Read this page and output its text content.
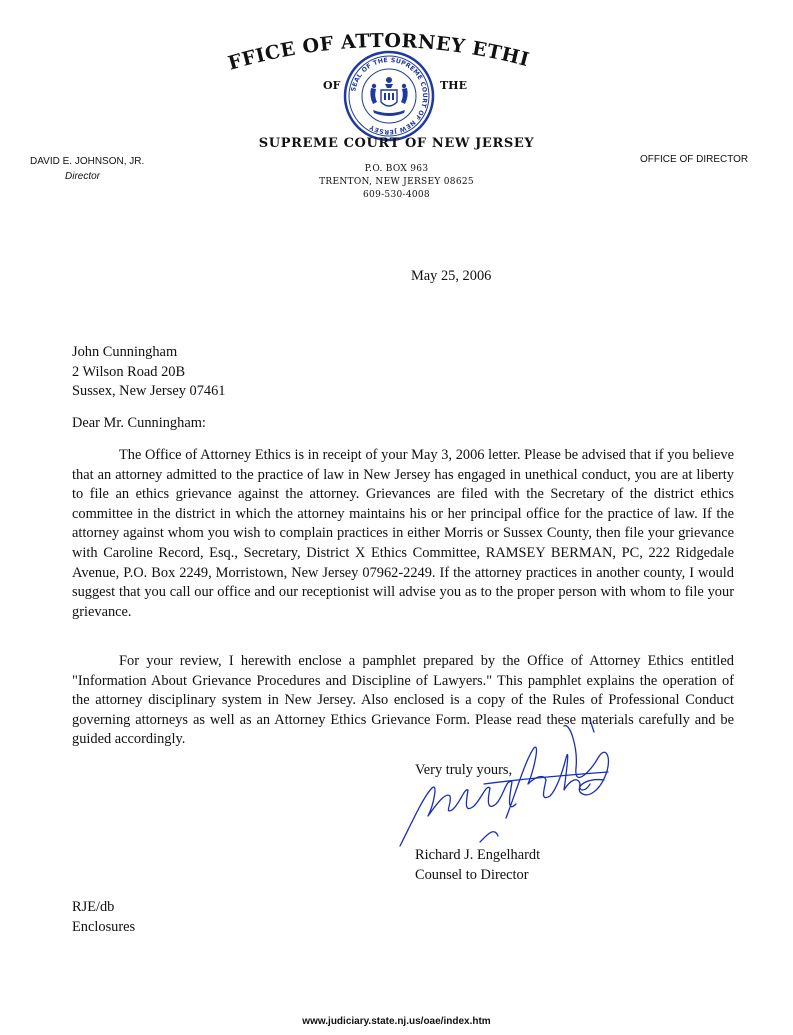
OFFICE OF ATTORNEY ETHICS
OF	THE
SEAL OF THE SUPREME COURT OF NEW JERSEY
SUPREME COURT OF NEW JERSEY
P.O. BOX 963
TRENTON, NEW JERSEY 08625
609-530-4008
DAVID E. JOHNSON, JR.
Director
OFFICE OF DIRECTOR
May 25, 2006
John Cunningham
2 Wilson Road 20B
Sussex, New Jersey 07461
Dear Mr. Cunningham:

The Office of Attorney Ethics is in receipt of your May 3, 2006 letter. Please be advised that if you believe that an attorney admitted to the practice of law in New Jersey has engaged in unethical conduct, you are at liberty to file an ethics grievance against the attorney. Grievances are filed with the Secretary of the district ethics committee in the district in which the attorney maintains his or her principal office for the practice of law. If the attorney against whom you wish to complain practices in either Morris or Sussex County, then file your grievance with Caroline Record, Esq., Secretary, District X Ethics Committee, RAMSEY BERMAN, PC, 222 Ridgedale Avenue, P.O. Box 2249, Morristown, New Jersey 07962-2249. If the attorney practices in another county, I would suggest that you call our office and our receptionist will advise you as to the proper person with whom to file your grievance.

For your review, I herewith enclose a pamphlet prepared by the Office of Attorney Ethics entitled "Information About Grievance Procedures and Discipline of Lawyers." This pamphlet explains the operation of the attorney disciplinary system in New Jersey. Also enclosed is a copy of the Rules of Professional Conduct governing attorneys as well as an Attorney Ethics Grievance Form. Please read these materials carefully and be guided accordingly.

Very truly yours,
Richard J. Engelhardt
Counsel to Director
RJE/db
Enclosures
www.judiciary.state.nj.us/oae/index.htm
